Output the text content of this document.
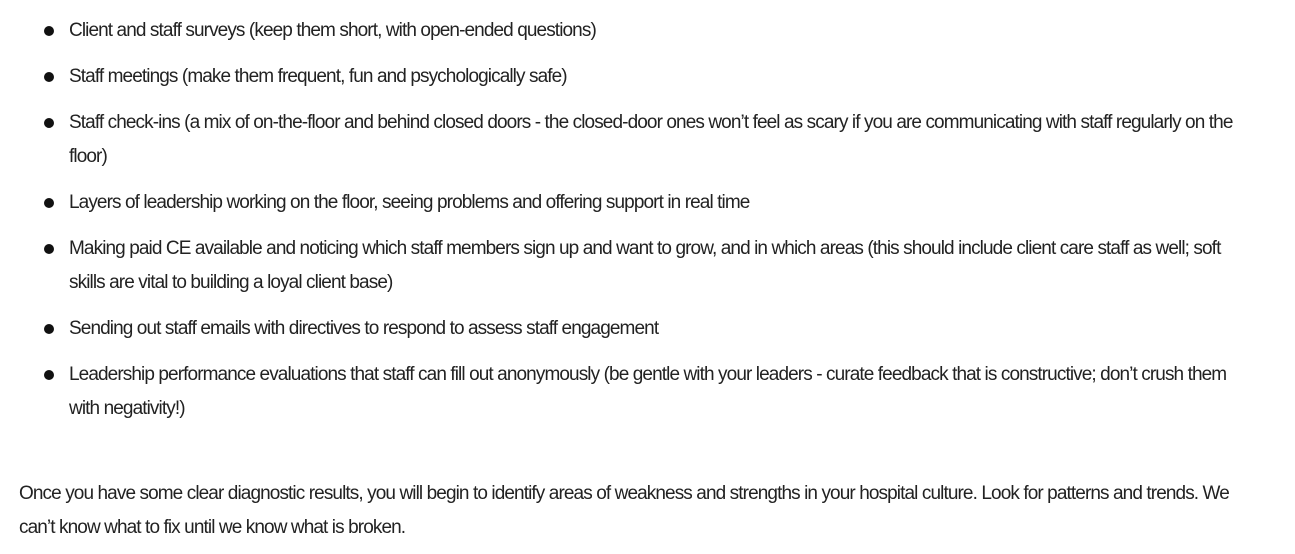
Client and staff surveys (keep them short, with open-ended questions)
Staff meetings (make them frequent, fun and psychologically safe)
Staff check-ins (a mix of on-the-floor and behind closed doors - the closed-door ones won’t feel as scary if you are communicating with staff regularly on the floor)
Layers of leadership working on the floor, seeing problems and offering support in real time
Making paid CE available and noticing which staff members sign up and want to grow, and in which areas (this should include client care staff as well; soft skills are vital to building a loyal client base)
Sending out staff emails with directives to respond to assess staff engagement
Leadership performance evaluations that staff can fill out anonymously (be gentle with your leaders - curate feedback that is constructive; don’t crush them with negativity!)

Once you have some clear diagnostic results, you will begin to identify areas of weakness and strengths in your hospital culture. Look for patterns and trends. We can’t know what to fix until we know what is broken.
